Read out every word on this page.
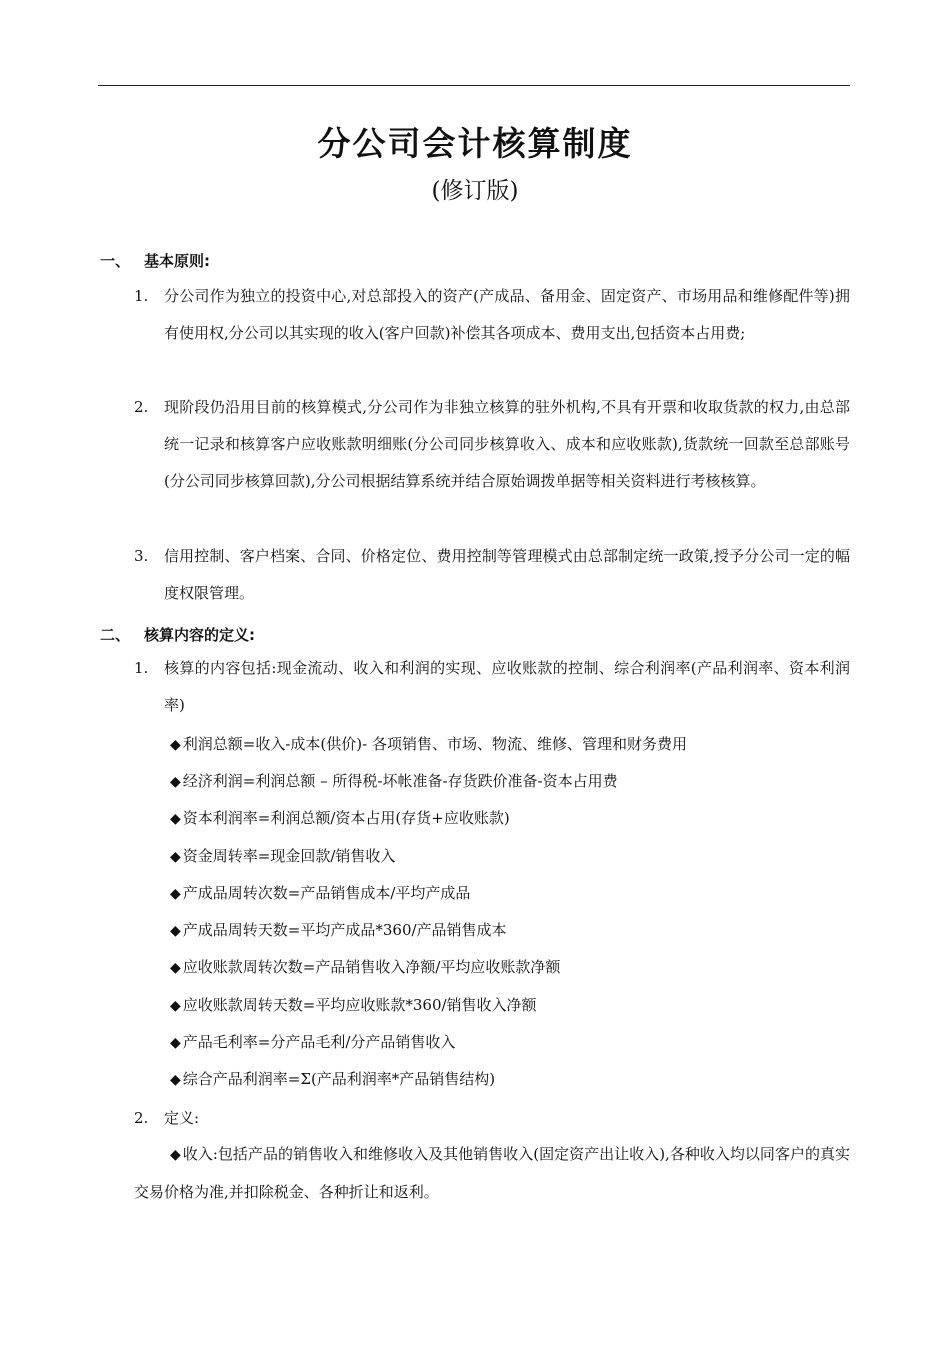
分公司会计核算制度
(修订版)
一、 基本原则:
1. 分公司作为独立的投资中心,对总部投入的资产(产成品、备用金、固定资产、市场用品和维修配件等)拥有使用权,分公司以其实现的收入(客户回款)补偿其各项成本、费用支出,包括资本占用费;
2. 现阶段仍沿用目前的核算模式,分公司作为非独立核算的驻外机构,不具有开票和收取货款的权力,由总部统一记录和核算客户应收账款明细账(分公司同步核算收入、成本和应收账款),货款统一回款至总部账号(分公司同步核算回款),分公司根据结算系统并结合原始调拨单据等相关资料进行考核核算。
3. 信用控制、客户档案、合同、价格定位、费用控制等管理模式由总部制定统一政策,授予分公司一定的幅度权限管理。
二、 核算内容的定义:
1. 核算的内容包括:现金流动、收入和利润的实现、应收账款的控制、综合利润率(产品利润率、资本利润率)
◆ 利润总额=收入-成本(供价)- 各项销售、市场、物流、维修、管理和财务费用
◆ 经济利润=利润总额 – 所得税-坏帐准备-存货跌价准备-资本占用费
◆ 资本利润率=利润总额/资本占用(存货+应收账款)
◆ 资金周转率=现金回款/销售收入
◆ 产成品周转次数=产品销售成本/平均产成品
◆ 产成品周转天数=平均产成品*360/产品销售成本
◆ 应收账款周转次数=产品销售收入净额/平均应收账款净额
◆ 应收账款周转天数=平均应收账款*360/销售收入净额
◆ 产品毛利率=分产品毛利/分产品销售收入
◆ 综合产品利润率=Σ(产品利润率*产品销售结构)
2. 定义:
◆ 收入:包括产品的销售收入和维修收入及其他销售收入(固定资产出让收入),各种收入均以同客户的真实交易价格为准,并扣除税金、各种折让和返利。
